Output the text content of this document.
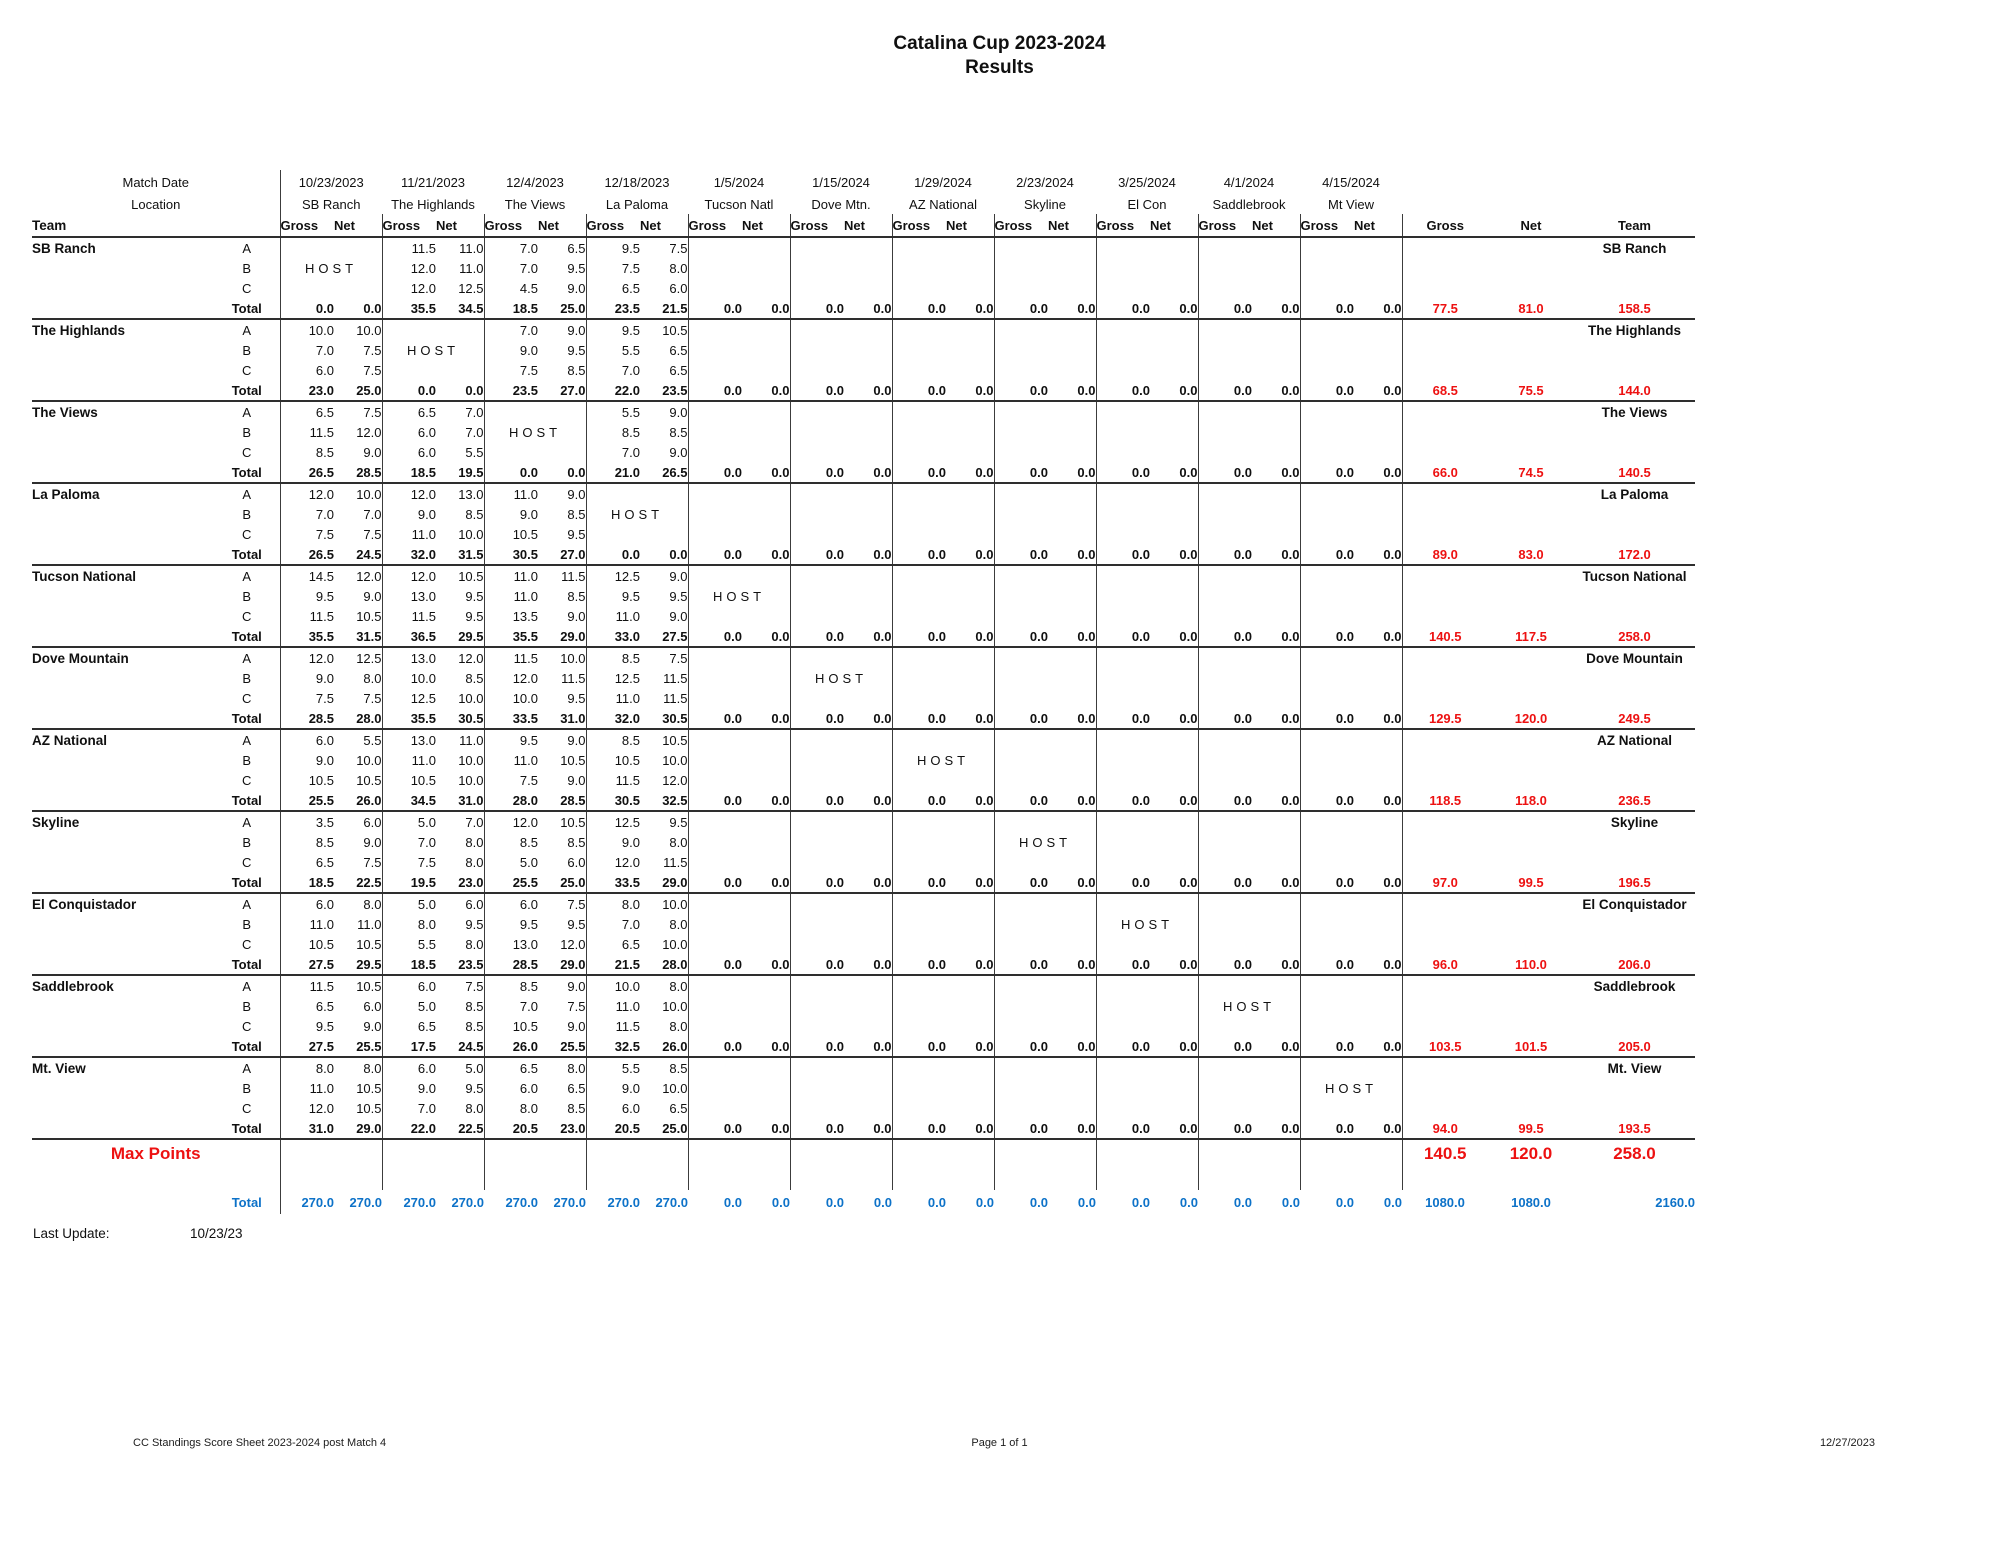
Catalina Cup 2023-2024
Results
Match Date		10/23/2023		11/21/2023		12/4/2023		12/18/2023		1/5/2024		1/15/2024		1/29/2024		2/23/2024		3/25/2024		4/1/2024		4/15/2024				
Location		SB Ranch		The Highlands		The Views		La Paloma		Tucson Natl		Dove Mtn.		AZ National		Skyline		El Con		Saddlebrook		Mt View				
Team		Gross	Net	Gross	Net	Gross	Net	Gross	Net	Gross	Net	Gross	Net	Gross	Net	Gross	Net	Gross	Net	Gross	Net	Gross	Net	Gross	Net	Team
SB Ranch	A			11.5	11.0	7.0	6.5	9.5	7.5																	SB Ranch
	B	HOST		12.0	11.0	7.0	9.5	7.5	8.0																	
	C			12.0	12.5	4.5	9.0	6.5	6.0																	
	Total	0.0	0.0	35.5	34.5	18.5	25.0	23.5	21.5	0.0	0.0	0.0	0.0	0.0	0.0	0.0	0.0	0.0	0.0	0.0	0.0	0.0	0.0	77.5	81.0	158.5
The Highlands	A	10.0	10.0			7.0	9.0	9.5	10.5																	The Highlands
	B	7.0	7.5	HOST		9.0	9.5	5.5	6.5																	
	C	6.0	7.5			7.5	8.5	7.0	6.5																	
	Total	23.0	25.0	0.0	0.0	23.5	27.0	22.0	23.5	0.0	0.0	0.0	0.0	0.0	0.0	0.0	0.0	0.0	0.0	0.0	0.0	0.0	0.0	68.5	75.5	144.0
The Views	A	6.5	7.5	6.5	7.0			5.5	9.0																	The Views
	B	11.5	12.0	6.0	7.0	HOST		8.5	8.5																	
	C	8.5	9.0	6.0	5.5			7.0	9.0																	
	Total	26.5	28.5	18.5	19.5	0.0	0.0	21.0	26.5	0.0	0.0	0.0	0.0	0.0	0.0	0.0	0.0	0.0	0.0	0.0	0.0	0.0	0.0	66.0	74.5	140.5
La Paloma	A	12.0	10.0	12.0	13.0	11.0	9.0																			La Paloma
	B	7.0	7.0	9.0	8.5	9.0	8.5	HOST																		
	C	7.5	7.5	11.0	10.0	10.5	9.5																			
	Total	26.5	24.5	32.0	31.5	30.5	27.0	0.0	0.0	0.0	0.0	0.0	0.0	0.0	0.0	0.0	0.0	0.0	0.0	0.0	0.0	0.0	0.0	89.0	83.0	172.0
Tucson National	A	14.5	12.0	12.0	10.5	11.0	11.5	12.5	9.0																	Tucson National
	B	9.5	9.0	13.0	9.5	11.0	8.5	9.5	9.5	HOST																
	C	11.5	10.5	11.5	9.5	13.5	9.0	11.0	9.0																	
	Total	35.5	31.5	36.5	29.5	35.5	29.0	33.0	27.5	0.0	0.0	0.0	0.0	0.0	0.0	0.0	0.0	0.0	0.0	0.0	0.0	0.0	0.0	140.5	117.5	258.0
Dove Mountain	A	12.0	12.5	13.0	12.0	11.5	10.0	8.5	7.5																	Dove Mountain
	B	9.0	8.0	10.0	8.5	12.0	11.5	12.5	11.5			HOST														
	C	7.5	7.5	12.5	10.0	10.0	9.5	11.0	11.5																	
	Total	28.5	28.0	35.5	30.5	33.5	31.0	32.0	30.5	0.0	0.0	0.0	0.0	0.0	0.0	0.0	0.0	0.0	0.0	0.0	0.0	0.0	0.0	129.5	120.0	249.5
AZ National	A	6.0	5.5	13.0	11.0	9.5	9.0	8.5	10.5																	AZ National
	B	9.0	10.0	11.0	10.0	11.0	10.5	10.5	10.0					HOST												
	C	10.5	10.5	10.5	10.0	7.5	9.0	11.5	12.0																	
	Total	25.5	26.0	34.5	31.0	28.0	28.5	30.5	32.5	0.0	0.0	0.0	0.0	0.0	0.0	0.0	0.0	0.0	0.0	0.0	0.0	0.0	0.0	118.5	118.0	236.5
Skyline	A	3.5	6.0	5.0	7.0	12.0	10.5	12.5	9.5																	Skyline
	B	8.5	9.0	7.0	8.0	8.5	8.5	9.0	8.0							HOST										
	C	6.5	7.5	7.5	8.0	5.0	6.0	12.0	11.5																	
	Total	18.5	22.5	19.5	23.0	25.5	25.0	33.5	29.0	0.0	0.0	0.0	0.0	0.0	0.0	0.0	0.0	0.0	0.0	0.0	0.0	0.0	0.0	97.0	99.5	196.5
El Conquistador	A	6.0	8.0	5.0	6.0	6.0	7.5	8.0	10.0																	El Conquistador
	B	11.0	11.0	8.0	9.5	9.5	9.5	7.0	8.0									HOST								
	C	10.5	10.5	5.5	8.0	13.0	12.0	6.5	10.0																	
	Total	27.5	29.5	18.5	23.5	28.5	29.0	21.5	28.0	0.0	0.0	0.0	0.0	0.0	0.0	0.0	0.0	0.0	0.0	0.0	0.0	0.0	0.0	96.0	110.0	206.0
Saddlebrook	A	11.5	10.5	6.0	7.5	8.5	9.0	10.0	8.0																	Saddlebrook
	B	6.5	6.0	5.0	8.5	7.0	7.5	11.0	10.0											HOST						
	C	9.5	9.0	6.5	8.5	10.5	9.0	11.5	8.0																	
	Total	27.5	25.5	17.5	24.5	26.0	25.5	32.5	26.0	0.0	0.0	0.0	0.0	0.0	0.0	0.0	0.0	0.0	0.0	0.0	0.0	0.0	0.0	103.5	101.5	205.0
Mt. View	A	8.0	8.0	6.0	5.0	6.5	8.0	5.5	8.5																	Mt. View
	B	11.0	10.5	9.0	9.5	6.0	6.5	9.0	10.0													HOST				
	C	12.0	10.5	7.0	8.0	8.0	8.5	6.0	6.5																	
	Total	31.0	29.0	22.0	22.5	20.5	23.0	20.5	25.0	0.0	0.0	0.0	0.0	0.0	0.0	0.0	0.0	0.0	0.0	0.0	0.0	0.0	0.0	94.0	99.5	193.5
Max Points																								140.5	120.0	258.0

	Total	270.0	270.0	270.0	270.0	270.0	270.0	270.0	270.0	0.0	0.0	0.0	0.0	0.0	0.0	0.0	0.0	0.0	0.0	0.0	0.0	0.0	0.0	1080.0	1080.0	2160.0
Last Update:	10/23/23
CC Standings Score Sheet 2023-2024 post Match 4	Page 1 of 1	12/27/2023
